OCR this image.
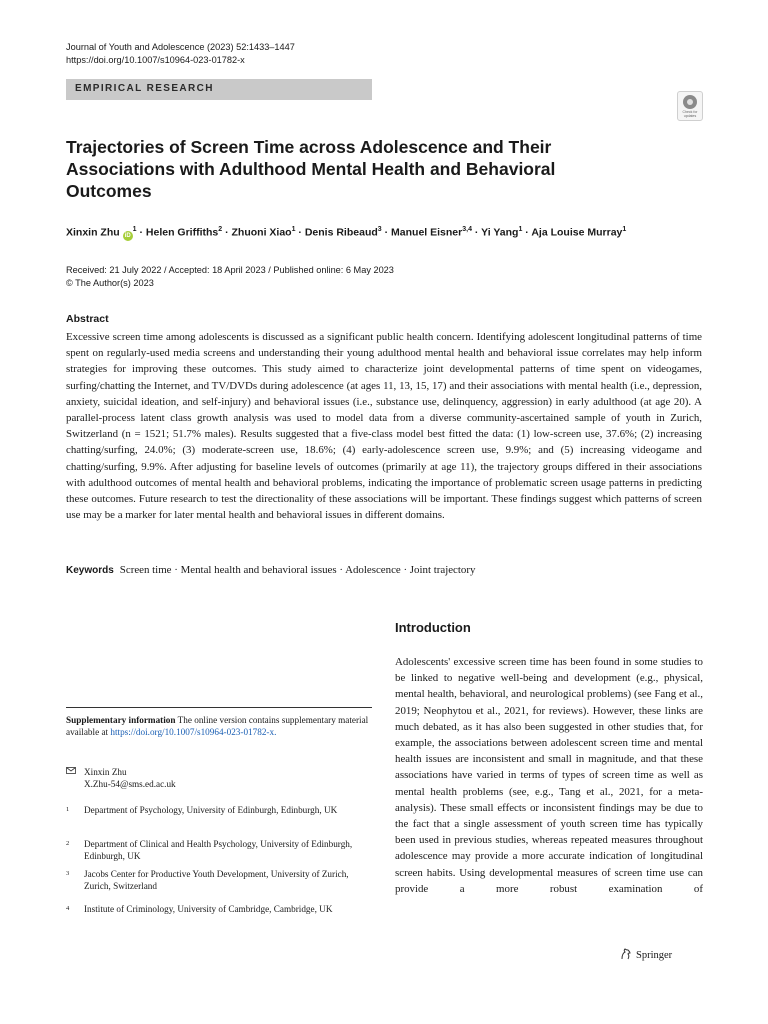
Journal of Youth and Adolescence (2023) 52:1433–1447
https://doi.org/10.1007/s10964-023-01782-x
EMPIRICAL RESEARCH
Check for updates
Trajectories of Screen Time across Adolescence and Their
Associations with Adulthood Mental Health and Behavioral
Outcomes
Xinxin Zhu $iD^1$ · Helen Griffiths$^2$ · Zhuoni Xiao$^1$ · Denis Ribeaud$^3$ · Manuel Eisner$^{3,4}$ · Yi Yang$^1$ · Aja Louise Murray$^1$
Received: 21 July 2022 / Accepted: 18 April 2023 / Published online: 6 May 2023
© The Author(s) 2023
Abstract
Excessive screen time among adolescents is discussed as a significant public health concern. Identifying adolescent longitudinal patterns of time spent on regularly-used media screens and understanding their young adulthood mental health and behavioral issue correlates may help inform strategies for improving these outcomes. This study aimed to characterize joint developmental patterns of time spent on videogames, surfing/chatting the Internet, and TV/DVDs during adolescence (at ages 11, 13, 15, 17) and their associations with mental health (i.e., depression, anxiety, suicidal ideation, and self-injury) and behavioral issues (i.e., substance use, delinquency, aggression) in early adulthood (at age 20). A parallel-process latent class growth analysis was used to model data from a diverse community-ascertained sample of youth in Zurich, Switzerland (n = 1521; 51.7% males). Results suggested that a five-class model best fitted the data: (1) low-screen use, 37.6%; (2) increasing chatting/surfing, 24.0%; (3) moderate-screen use, 18.6%; (4) early-adolescence screen use, 9.9%; and (5) increasing videogame and chatting/surfing, 9.9%. After adjusting for baseline levels of outcomes (primarily at age 11), the trajectory groups differed in their associations with adulthood outcomes of mental health and behavioral problems, indicating the importance of problematic screen usage patterns in predicting these outcomes. Future research to test the directionality of these associations will be important. These findings suggest which patterns of screen use may be a marker for later mental health and behavioral issues in different domains.
Keywords Screen time · Mental health and behavioral issues · Adolescence · Joint trajectory
Introduction
Adolescents' excessive screen time has been found in some studies to be linked to negative well-being and development (e.g., physical, mental health, behavioral, and neurological problems) (see Fang et al., 2019; Neophytou et al., 2021, for reviews). However, these links are much debated, as it has also been suggested in other studies that, for example, the associations between adolescent screen time and mental health issues are inconsistent and small in magnitude, and that these associations have varied in terms of types of screen time as well as mental health problems (see, e.g., Tang et al., 2021, for a meta-analysis). These small effects or inconsistent findings may be due to the fact that a single assessment of youth screen time has typically been used in previous studies, whereas repeated measures throughout adolescence may provide a more accurate indication of longitudinal screen habits. Using developmental measures of screen time use can provide a more robust examination of
Supplementary information The online version contains supplementary material available at https://doi.org/10.1007/s10964-023-01782-x.
Xinxin Zhu
X.Zhu-54@sms.ed.ac.uk
1 Department of Psychology, University of Edinburgh, Edinburgh, UK
2 Department of Clinical and Health Psychology, University of Edinburgh, Edinburgh, UK
3 Jacobs Center for Productive Youth Development, University of Zurich, Zurich, Switzerland
4 Institute of Criminology, University of Cambridge, Cambridge, UK
Springer
